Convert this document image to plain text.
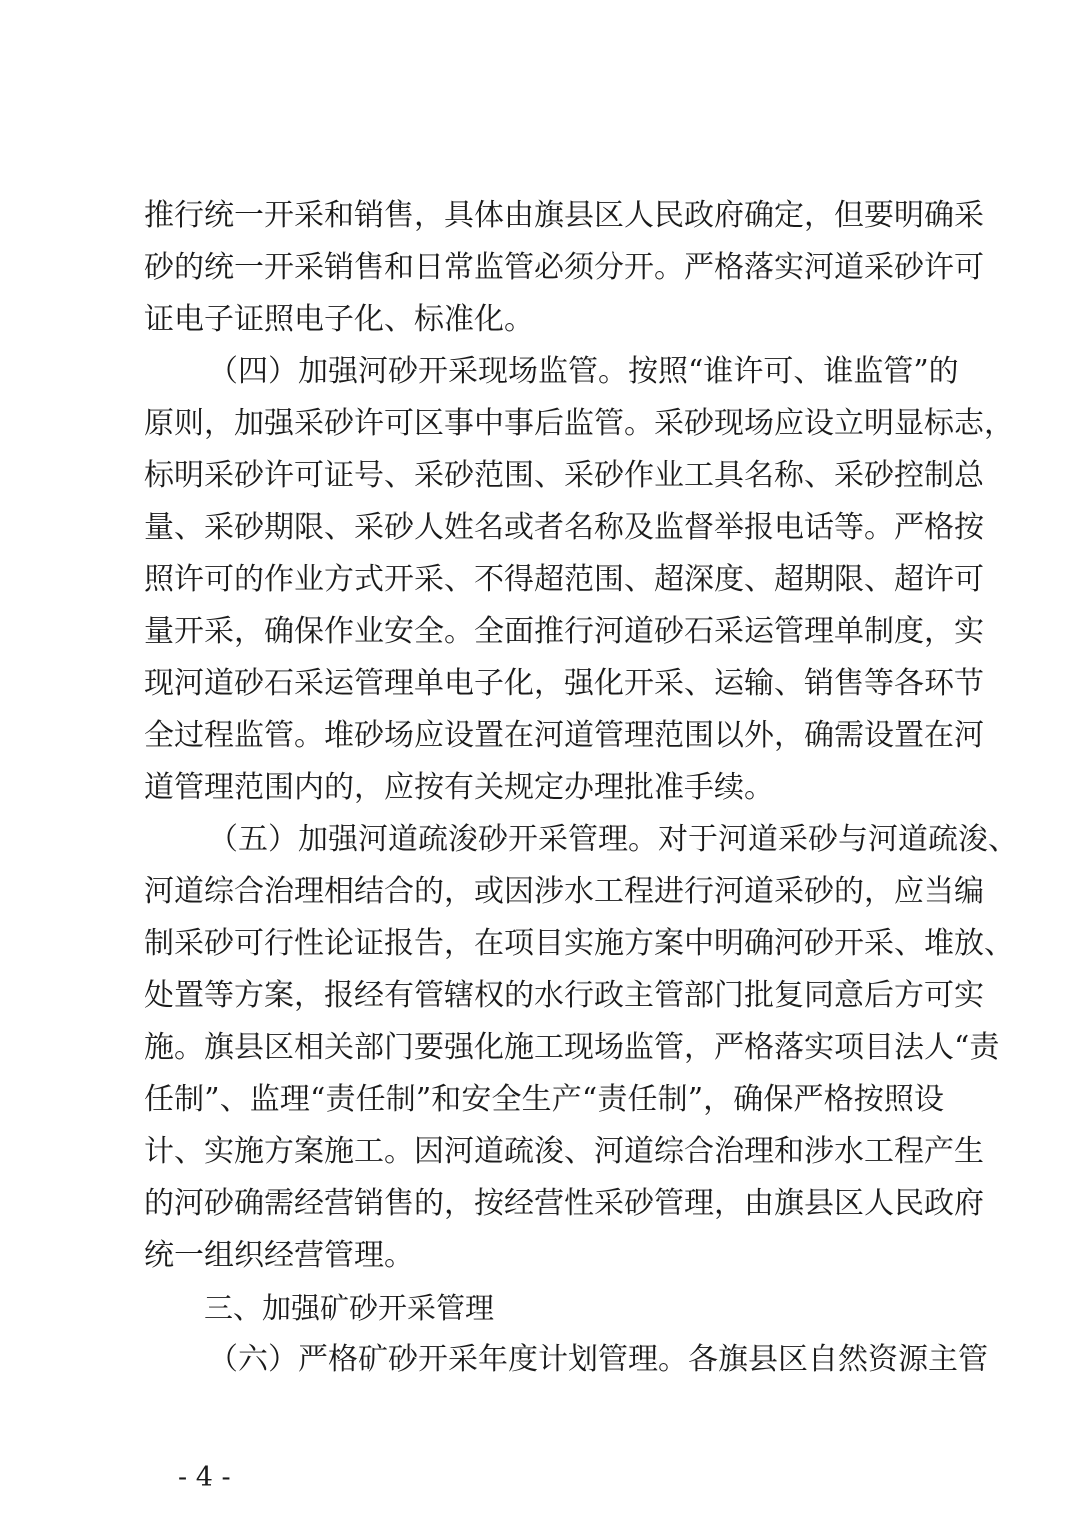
推行统一开采和销售，具体由旗县区人民政府确定，但要明确采
砂的统一开采销售和日常监管必须分开。严格落实河道采砂许可
证电子证照电子化、标准化。
（四）加强河砂开采现场监管。按照“谁许可、谁监管”的
原则，加强采砂许可区事中事后监管。采砂现场应设立明显标志，
标明采砂许可证号、采砂范围、采砂作业工具名称、采砂控制总
量、采砂期限、采砂人姓名或者名称及监督举报电话等。严格按
照许可的作业方式开采、不得超范围、超深度、超期限、超许可
量开采，确保作业安全。全面推行河道砂石采运管理单制度，实
现河道砂石采运管理单电子化，强化开采、运输、销售等各环节
全过程监管。堆砂场应设置在河道管理范围以外，确需设置在河
道管理范围内的，应按有关规定办理批准手续。
（五）加强河道疏浚砂开采管理。对于河道采砂与河道疏浚、
河道综合治理相结合的，或因涉水工程进行河道采砂的，应当编
制采砂可行性论证报告，在项目实施方案中明确河砂开采、堆放、
处置等方案，报经有管辖权的水行政主管部门批复同意后方可实
施。旗县区相关部门要强化施工现场监管，严格落实项目法人“责
任制”、监理“责任制”和安全生产“责任制”，确保严格按照设
计、实施方案施工。因河道疏浚、河道综合治理和涉水工程产生
的河砂确需经营销售的，按经营性采砂管理，由旗县区人民政府
统一组织经营管理。
三、加强矿砂开采管理
（六）严格矿砂开采年度计划管理。各旗县区自然资源主管
- 4 -
